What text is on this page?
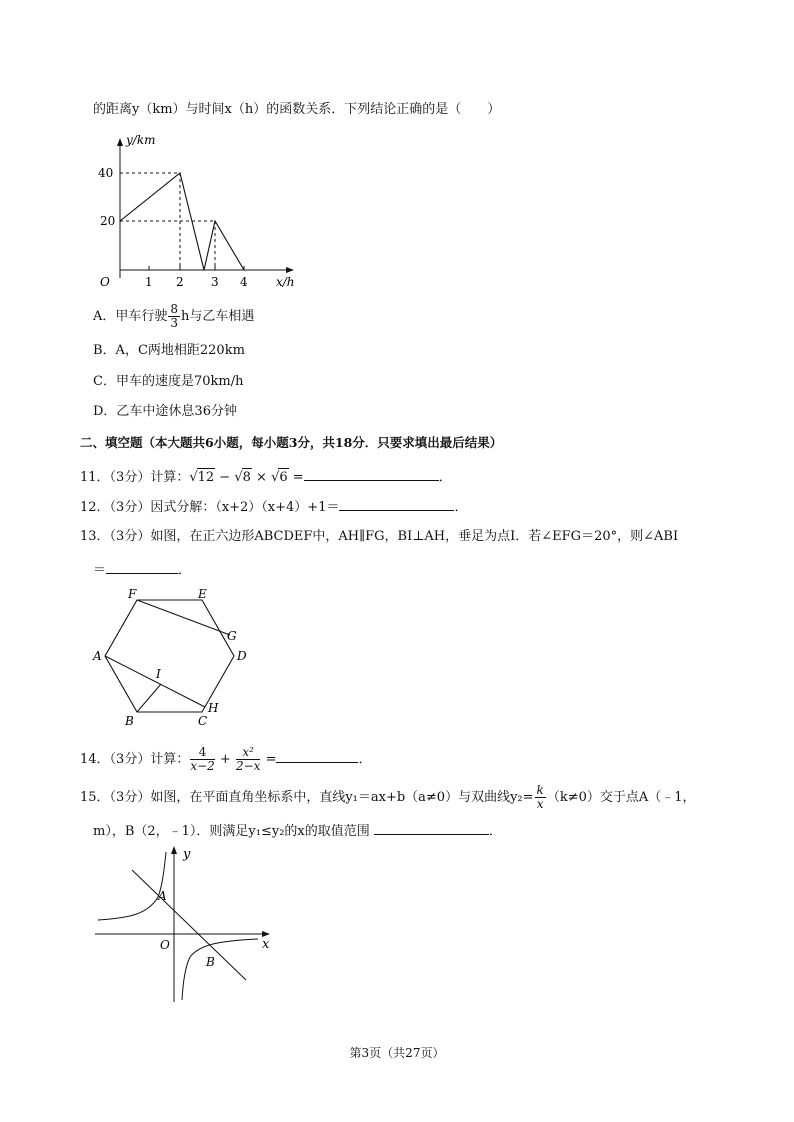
的距离y（km）与时间x（h）的函数关系．下列结论正确的是（　　）
y/km
x/h
O
40
20
1 2 3 4
A．甲车行驶 $\frac{8}{3}$ h与乙车相遇
B．A，C两地相距220km
C．甲车的速度是70km/h
D．乙车中途休息36分钟
二、填空题（本大题共6小题，每小题3分，共18分．只要求填出最后结果）
11．（3分）计算：√12 − √8 × √6 =	．
12．（3分）因式分解：（x+2）（x+4）+1＝	．
13．（3分）如图，在正六边形ABCDEF中，AH∥FG，BI⊥AH，垂足为点I．若∠EFG＝20°，则∠ABI
＝	．
F	E
G
D
A
I
B	C
H
14．（3分）计算： $\frac{4}{x-2} + \frac{\text{x²}}{2-x}$ =	．
15．（3分）如图，在平面直角坐标系中，直线y₁＝ax+b（a≠0）与双曲线$y_2= \frac{k}{x} (k\ne 0)$交于点A（﹣1，
m），B（2，﹣1）．则满足y₁≤y₂的x的取值范围	．
y
x
O
A
B
第3页（共27页）
